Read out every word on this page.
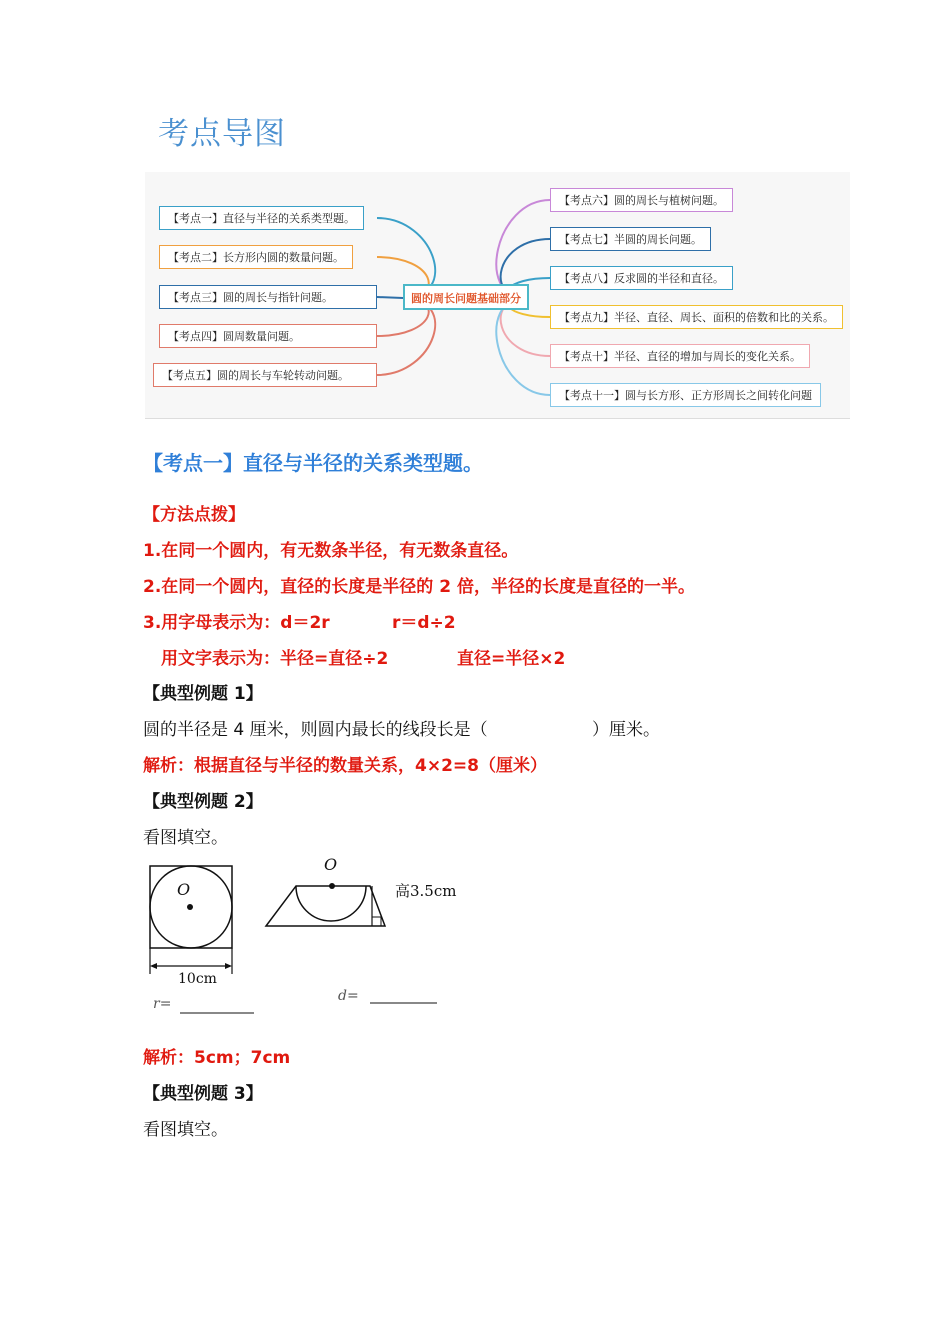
考点导图
圆的周长问题基础部分
【考点一】直径与半径的关系类型题。
【考点二】长方形内圆的数量问题。
【考点三】圆的周长与指针问题。
【考点四】圆周数量问题。
【考点五】圆的周长与车轮转动问题。
【考点六】圆的周长与植树问题。
【考点七】半圆的周长问题。
【考点八】反求圆的半径和直径。
【考点九】半径、直径、周长、面积的倍数和比的关系。
【考点十】半径、直径的增加与周长的变化关系。
【考点十一】圆与长方形、正方形周长之间转化问题
【考点一】直径与半径的关系类型题。
【方法点拨】
1.在同一个圆内，有无数条半径，有无数条直径。
2.在同一个圆内，直径的长度是半径的 2 倍，半径的长度是直径的一半。
3.用字母表示为：d＝2r	r＝d÷2
用文字表示为：半径=直径÷2	直径=半径×2
【典型例题 1】
圆的半径是 4 厘米，则圆内最长的线段长是（	）厘米。
解析：根据直径与半径的数量关系，4×2=8（厘米）
【典型例题 2】
看图填空。
O
O
10cm
高3.5cm
r=	d=
解析：5cm；7cm
【典型例题 3】
看图填空。
